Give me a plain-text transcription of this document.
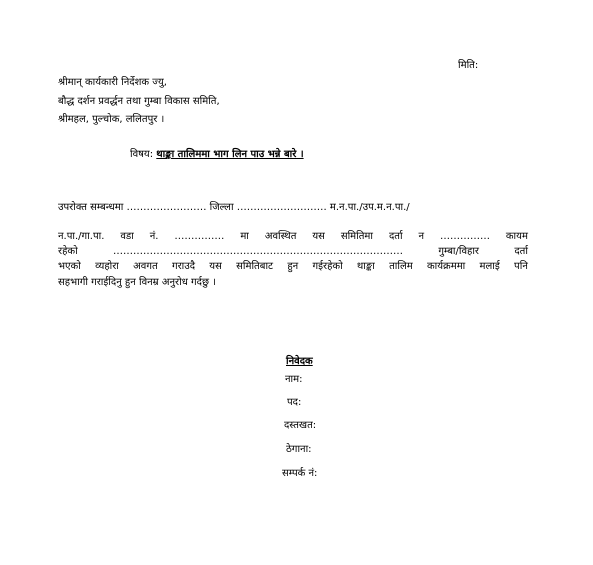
मिति:
श्रीमान् कार्यकारी निर्देशक ज्यु,
बौद्ध दर्शन प्रवर्द्धन तथा गुम्बा विकास समिति,
श्रीमहल, पुल्चोक, ललितपुर ।
विषय: थाङ्का तालिममा भाग लिन पाउ भन्ने बारे ।
उपरोक्त सम्बन्धमा …………………… जिल्ला ……………………… म.न.पा./उप.म.न.पा./
न.पा./गा.पा. वडा नं. …………… मा अवस्थित यस समितिमा दर्ता न …………… कायम
रहेको	……………………………………………………………………………	गुम्बा/विहार	दर्ता
भएको व्यहोरा अवगत गराउदै यस समितिबाट हुन गईरहेको थाङ्का तालिम कार्यक्रममा मलाई पनि
सहभागी गराईदिनु हुन विनम्र अनुरोध गर्दछु ।
निवेदक
नाम:
पद:
दस्तखत:
ठेगाना:
सम्पर्क नं:
